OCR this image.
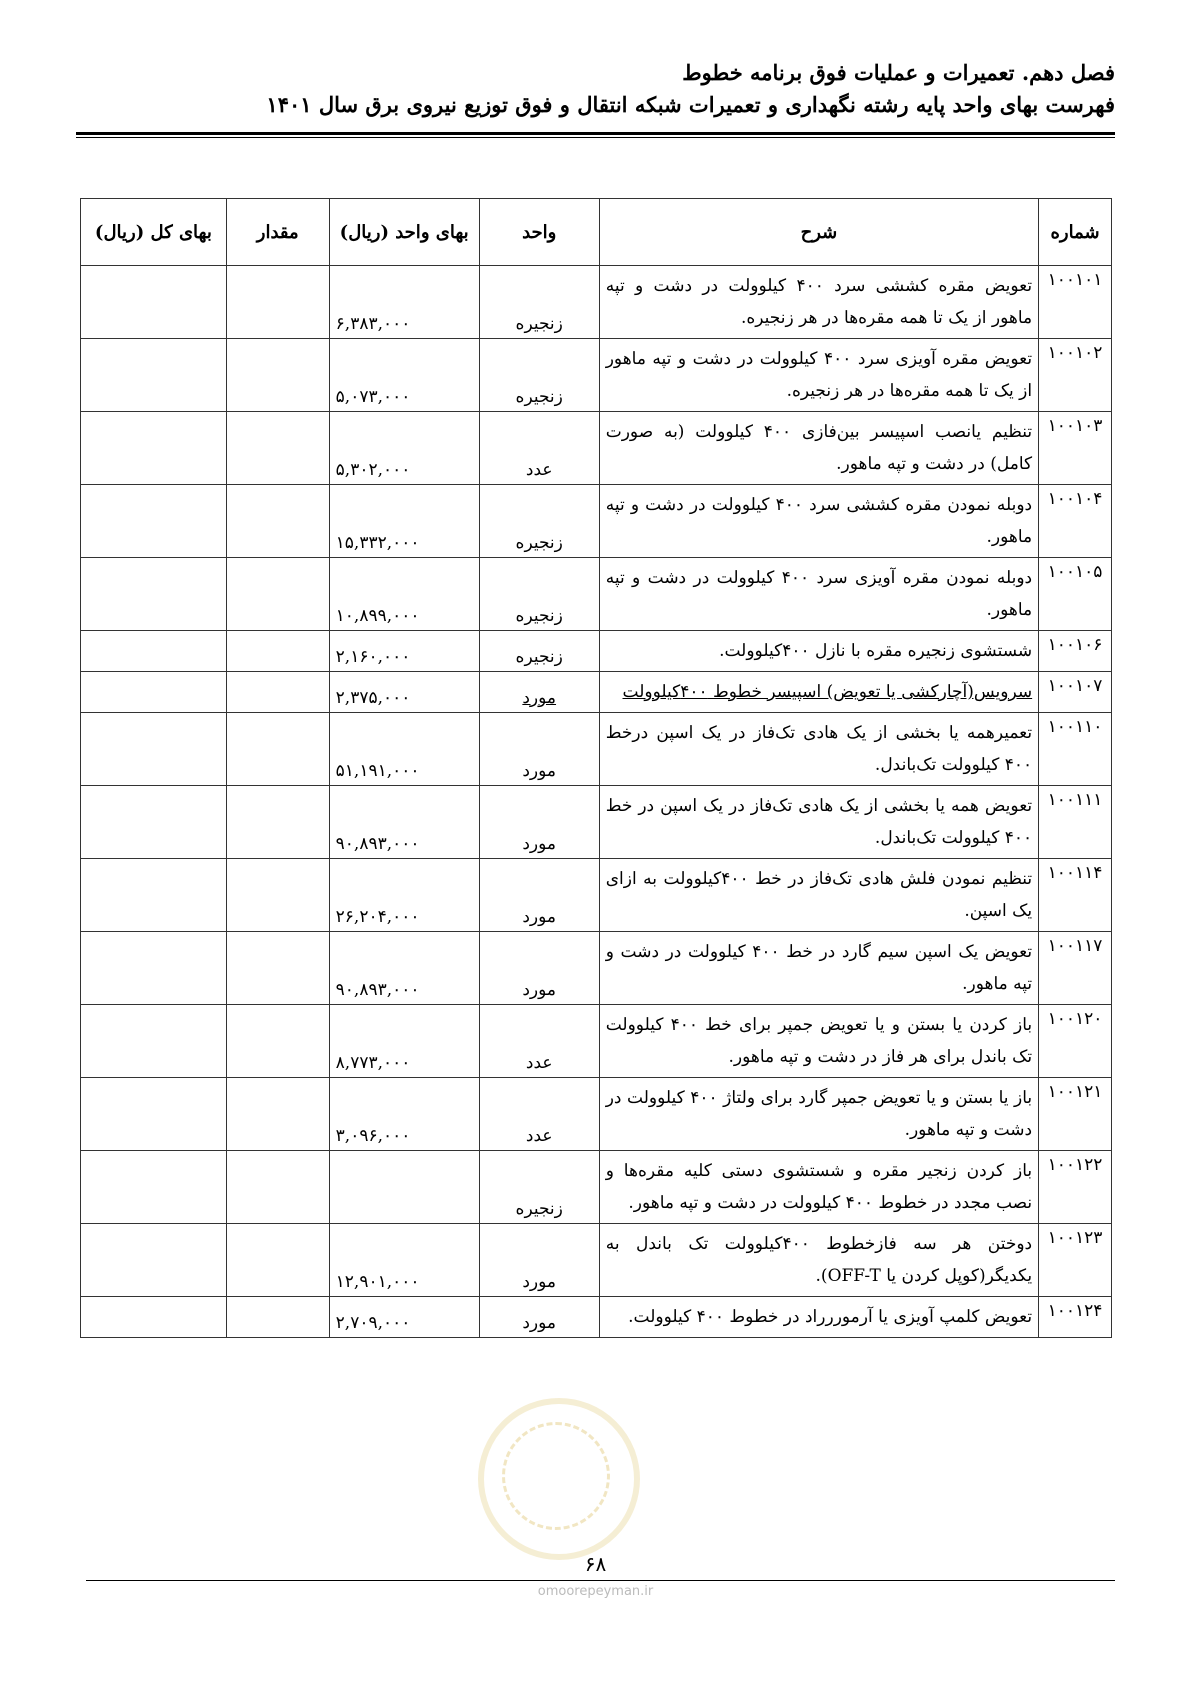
فصل دهم. تعمیرات و عملیات فوق برنامه خطوط
فهرست بهای واحد پایه رشته نگهداری و تعمیرات شبکه انتقال و فوق توزیع نیروی برق سال ۱۴۰۱
شماره	شرح	واحد	بهای واحد (ریال)	مقدار	بهای کل (ریال)
۱۰۰۱۰۱	تعویض مقره کششی سرد ۴۰۰ کیلوولت در دشت و تپه ماهور از یک تا همه مقره‌ها در هر زنجیره.	زنجیره	۶,۳۸۳,۰۰۰		
۱۰۰۱۰۲	تعویض مقره آویزی سرد ۴۰۰ کیلوولت در دشت و تپه ماهور از یک تا همه مقره‌ها در هر زنجیره.	زنجیره	۵,۰۷۳,۰۰۰		
۱۰۰۱۰۳	تنظیم یانصب اسپیسر بین‌فازی ۴۰۰ کیلوولت (به صورت کامل) در دشت و تپه ماهور.	عدد	۵,۳۰۲,۰۰۰		
۱۰۰۱۰۴	دوبله نمودن مقره کششی سرد ۴۰۰ کیلوولت در دشت و تپه ماهور.	زنجیره	۱۵,۳۳۲,۰۰۰		
۱۰۰۱۰۵	دوبله نمودن مقره آویزی سرد ۴۰۰ کیلوولت در دشت و تپه ماهور.	زنجیره	۱۰,۸۹۹,۰۰۰		
۱۰۰۱۰۶	شستشوی زنجیره مقره با نازل ۴۰۰کیلوولت.	زنجیره	۲,۱۶۰,۰۰۰		
۱۰۰۱۰۷	سرویس(آچارکشی یا تعویض) اسپیسر خطوط ۴۰۰کیلوولت	مورد	۲,۳۷۵,۰۰۰		
۱۰۰۱۱۰	تعمیرهمه یا بخشی از یک هادی تک‌فاز در یک اسپن درخط ۴۰۰ کیلوولت تک‌باندل.	مورد	۵۱,۱۹۱,۰۰۰		
۱۰۰۱۱۱	تعویض همه یا بخشی از یک هادی تک‌فاز در یک اسپن در خط ۴۰۰ کیلوولت تک‌باندل.	مورد	۹۰,۸۹۳,۰۰۰		
۱۰۰۱۱۴	تنظیم نمودن فلش هادی تک‌فاز در خط ۴۰۰کیلوولت به ازای یک اسپن.	مورد	۲۶,۲۰۴,۰۰۰		
۱۰۰۱۱۷	تعویض یک اسپن سیم گارد در خط ۴۰۰ کیلوولت در دشت و تپه ماهور.	مورد	۹۰,۸۹۳,۰۰۰		
۱۰۰۱۲۰	باز کردن یا بستن و یا تعویض جمپر برای خط ۴۰۰ کیلوولت تک باندل برای هر فاز در دشت و تپه ماهور.	عدد	۸,۷۷۳,۰۰۰		
۱۰۰۱۲۱	باز یا بستن و یا تعویض جمپر گارد برای ولتاژ ۴۰۰ کیلوولت در دشت و تپه ماهور.	عدد	۳,۰۹۶,۰۰۰		
۱۰۰۱۲۲	باز کردن زنجیر مقره و شستشوی دستی کلیه مقره‌ها و نصب مجدد در خطوط ۴۰۰ کیلوولت در دشت و تپه ماهور.	زنجیره			
۱۰۰۱۲۳	دوختن هر سه فازخطوط ۴۰۰کیلوولت تک باندل به یکدیگر(کوپل کردن یا OFF-T).	مورد	۱۲,۹۰۱,۰۰۰		
۱۰۰۱۲۴	تعویض کلمپ آویزی یا آرموررراد در خطوط ۴۰۰ کیلوولت.	مورد	۲,۷۰۹,۰۰۰		
۶۸
omoorepeyman.ir
